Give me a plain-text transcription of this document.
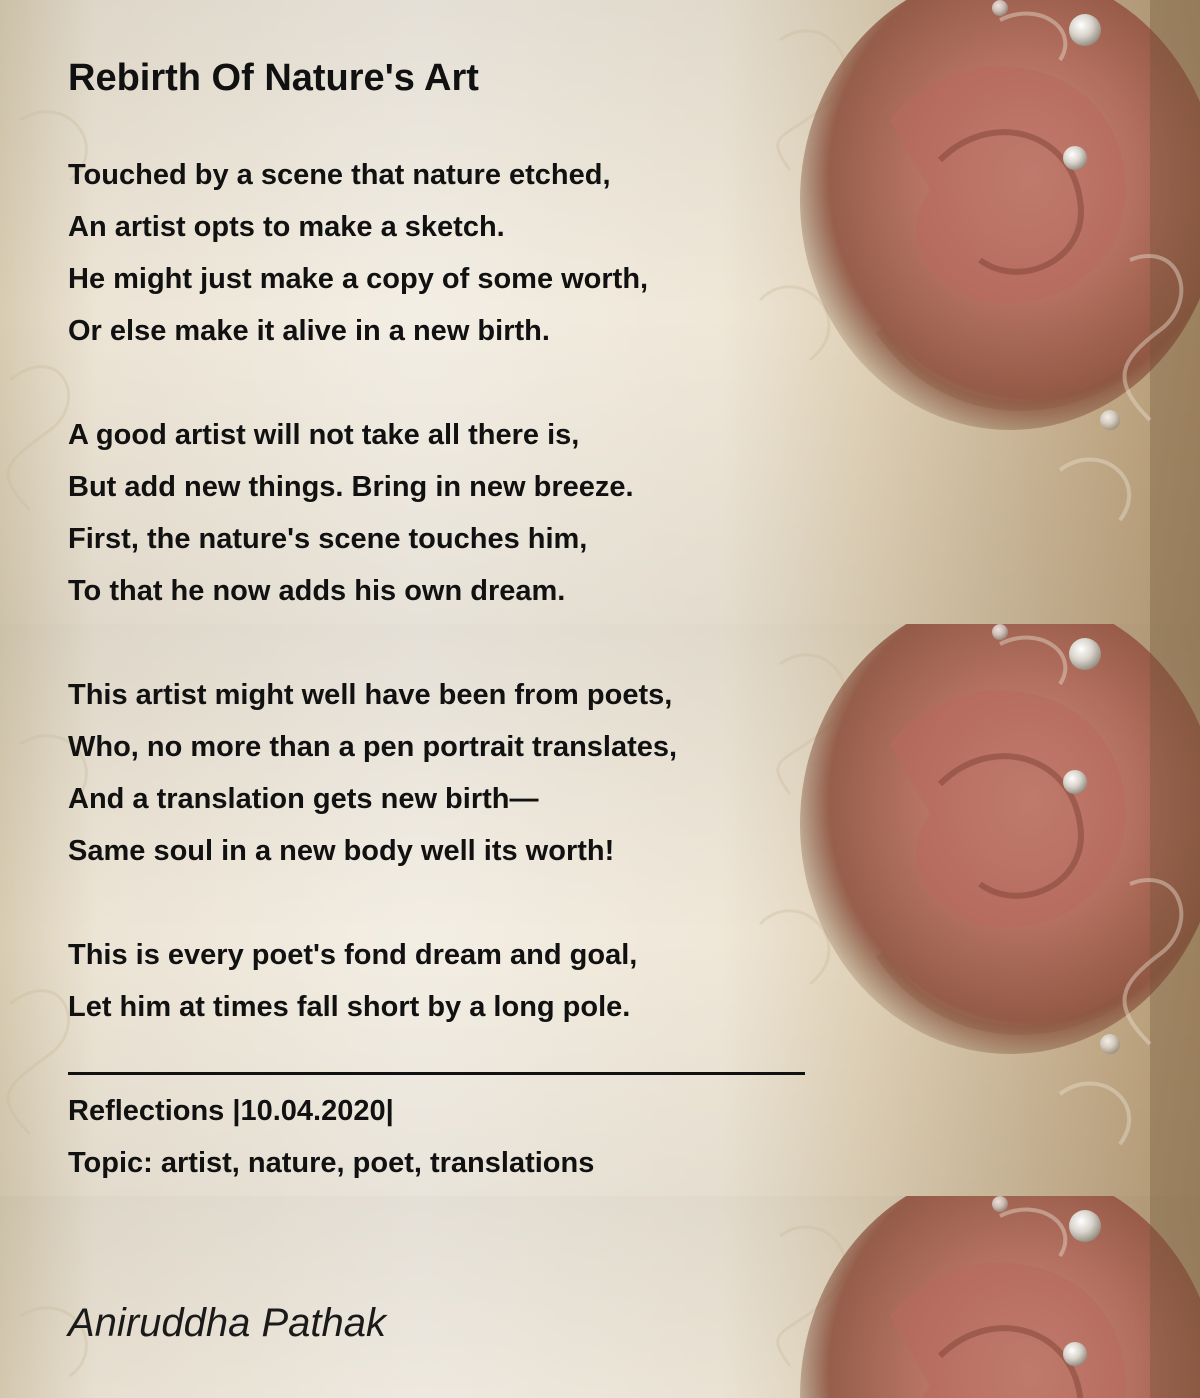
Rebirth Of Nature's Art
Touched by a scene that nature etched,
An artist opts to make a sketch.
He might just make a copy of some worth,
Or else make it alive in a new birth.
A good artist will not take all there is,
But add new things. Bring in new breeze.
First, the nature's scene touches him,
To that he now adds his own dream.
This artist might well have been from poets,
Who, no more than a pen portrait translates,
And a translation gets new birth—
Same soul in a new body well its worth!
This is every poet's fond dream and goal,
Let him at times fall short by a long pole.
Reflections |10.04.2020|
Topic: artist, nature, poet, translations
Aniruddha Pathak
